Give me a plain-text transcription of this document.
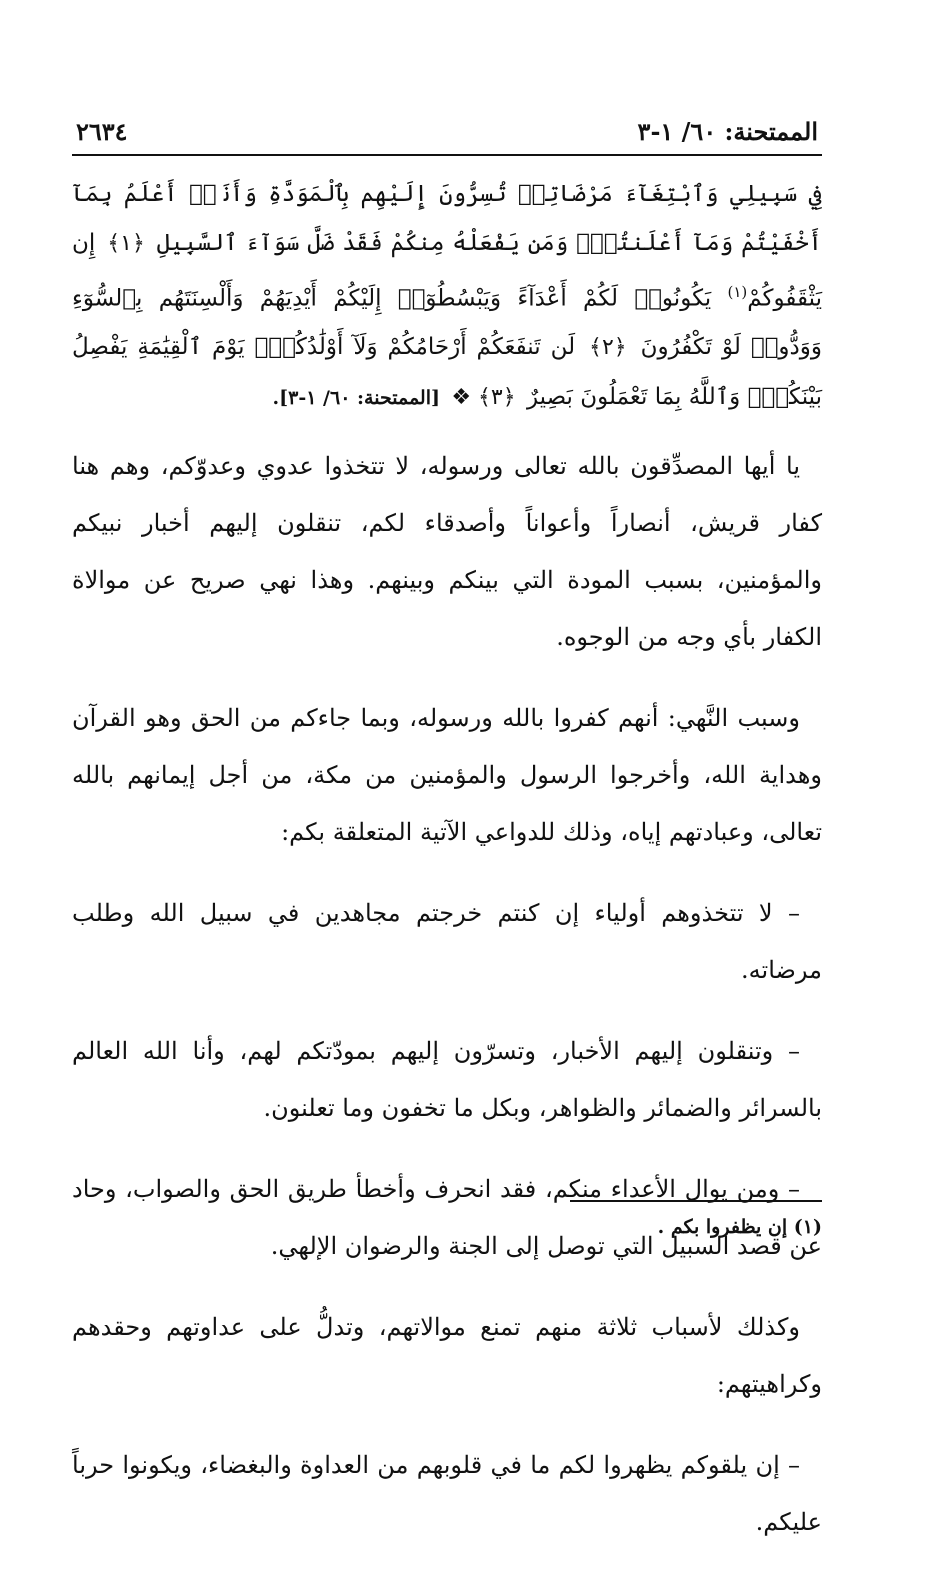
الممتحنة: ٦٠/ ١-٣
٢٦٣٤
فِي سَبِيلِي وَٱبْتِغَآءَ مَرْضَاتِيۚ تُسِرُّونَ إِلَيْهِم بِٱلْمَوَدَّةِ وَأَنَا۠ أَعْلَمُ بِمَآ أَخْفَيْتُمْ وَمَآ أَعْلَنتُمْۚ وَمَن يَفْعَلْهُ مِنكُمْ فَقَدْ ضَلَّ سَوَآءَ ٱلسَّبِيلِ ﴿١﴾ إِن يَثْقَفُوكُمْ$^{(١)}$ يَكُونُوا۟ لَكُمْ أَعْدَآءً وَيَبْسُطُوٓا۟ إِلَيْكُمْ أَيْدِيَهُمْ وَأَلْسِنَتَهُم بِٱلسُّوٓءِ وَوَدُّوا۟ لَوْ تَكْفُرُونَ ﴿٢﴾ لَن تَنفَعَكُمْ أَرْحَامُكُمْ وَلَآ أَوْلَٰدُكُمْۚ يَوْمَ ٱلْقِيَٰمَةِ يَفْصِلُ بَيْنَكُمْۚ وَٱللَّهُ بِمَا تَعْمَلُونَ بَصِيرٌ ﴿٣﴾ ❖ [الممتحنة: ٦٠/ ١-٣].

يا أيها المصدِّقون بالله تعالى ورسوله، لا تتخذوا عدوي وعدوّكم، وهم هنا كفار قريش، أنصاراً وأعواناً وأصدقاء لكم، تنقلون إليهم أخبار نبيكم والمؤمنين، بسبب المودة التي بينكم وبينهم. وهذا نهي صريح عن موالاة الكفار بأي وجه من الوجوه.

وسبب النَّهي: أنهم كفروا بالله ورسوله، وبما جاءكم من الحق وهو القرآن وهداية الله، وأخرجوا الرسول والمؤمنين من مكة، من أجل إيمانهم بالله تعالى، وعبادتهم إياه، وذلك للدواعي الآتية المتعلقة بكم:

– لا تتخذوهم أولياء إن كنتم خرجتم مجاهدين في سبيل الله وطلب مرضاته.

– وتنقلون إليهم الأخبار، وتسرّون إليهم بمودّتكم لهم، وأنا الله العالم بالسرائر والضمائر والظواهر، وبكل ما تخفون وما تعلنون.

– ومن يوال الأعداء منكم، فقد انحرف وأخطأ طريق الحق والصواب، وحاد عن قصد السبيل التي توصل إلى الجنة والرضوان الإلهي.

وكذلك لأسباب ثلاثة منهم تمنع موالاتهم، وتدلُّ على عداوتهم وحقدهم وكراهيتهم:

– إن يلقوكم يظهروا لكم ما في قلوبهم من العداوة والبغضاء، ويكونوا حرباً عليكم.

(١) إن يظفروا بكم .
